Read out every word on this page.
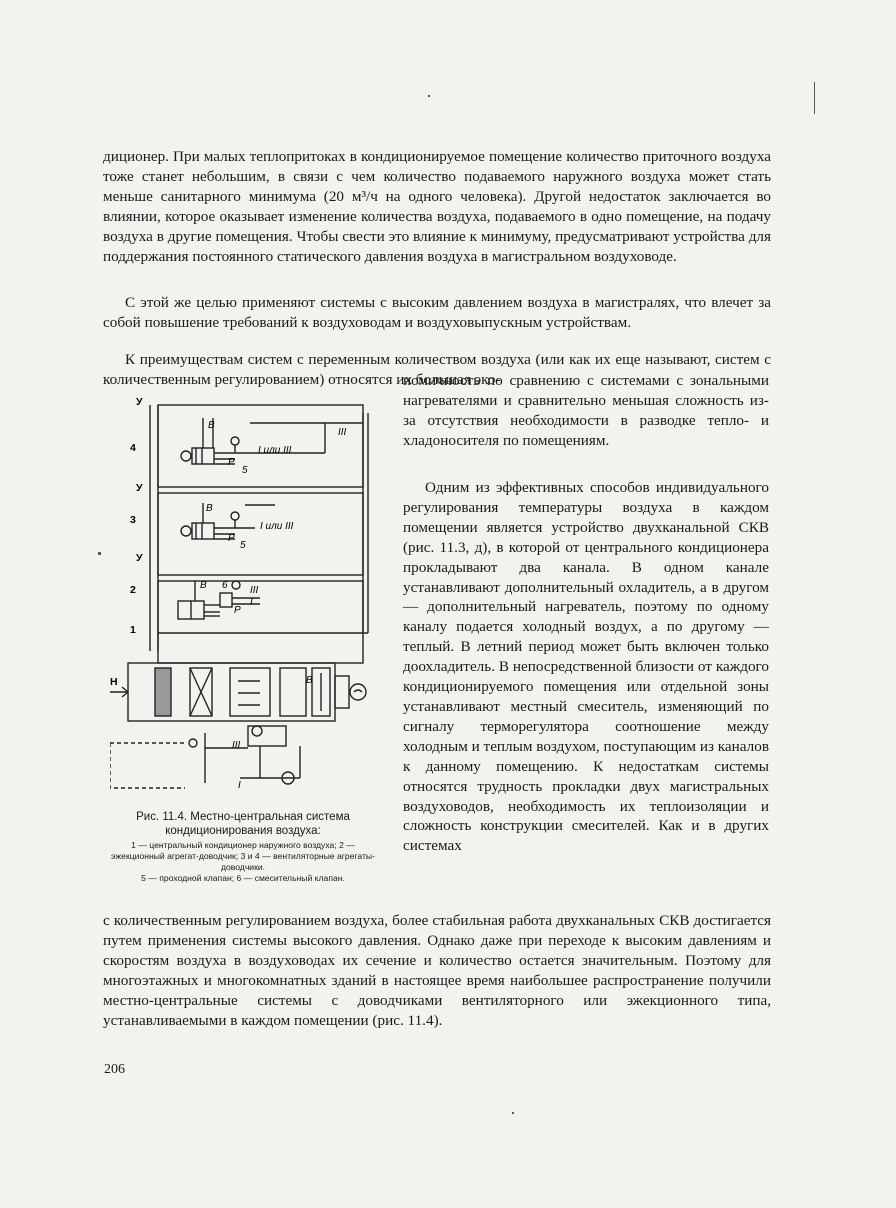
диционер. При малых теплопритоках в кондиционируемое помещение количество приточного воздуха тоже станет небольшим, в связи с чем количество подаваемого наружного воздуха может стать меньше санитарного минимума (20 м³/ч на одного человека). Другой недостаток заключается во влиянии, которое оказывает изменение количества воздуха, подаваемого в одно помещение, на подачу воздуха в другие помещения. Чтобы свести это влияние к минимуму, предусматривают устройства для поддержания постоянного статического давления воздуха в магистральном воздуховоде.

С этой же целью применяют системы с высоким давлением воздуха в магистралях, что влечет за собой повышение требований к воздуховодам и воздуховыпускным устройствам.

К преимуществам систем с переменным количеством воздуха (или как их еще называют, систем с количественным регулированием) относятся их большая эко-

номичность по сравнению с системами с зональными нагревателями и сравнительно меньшая сложность из-за отсутствия необходимости в разводке тепло- и хладоносителя по помещениям.

Одним из эффективных способов индивидуального регулирования температуры воздуха в каждом помещении является устройство двухканальной СКВ (рис. 11.3, д), в которой от центрального кондиционера прокладывают два канала. В одном канале устанавливают дополнительный охладитель, а в другом — дополнительный нагреватель, поэтому по одному каналу подается холодный воздух, а по другому — теплый. В летний период может быть включен только доохладитель. В непосредственной близости от каждого кондиционируемого помещения или отдельной зоны устанавливают местный смеситель, изменяющий по сигналу терморегулятора соотношение между холодным и теплым воздухом, поступающим из каналов к данному помещению. К недостаткам системы относятся трудность прокладки двух магистральных воздуховодов, необходимость их теплоизоляции и сложность конструкции смесителей. Как и в других системах

с количественным регулированием воздуха, более стабильная работа двухканальных СКВ достигается путем применения системы высокого давления. Однако даже при переходе к высоким давлениям и скоростям воздуха в воздуховодах их сечение и количество остается значительным. Поэтому для многоэтажных и многокомнатных зданий в настоящее время наибольшее распространение получили местно-центральные системы с доводчиками вентиляторного или эжекционного типа, устанавливаемыми в каждом помещении (рис. 11.4).

У
У
У
4
3
2
1
В
В
В
I или III
I или III
Р
Р
Р
5
5
6 III
I
III
III
I
Н	В
Рис. 11.4. Местно-центральная система кондиционирования воздуха:
1 — центральный кондиционер наружного воздуха; 2 — эжекционный агрегат-доводчик; 3 и 4 — вентиляторные агрегаты-доводчики.
5 — проходной клапан; 6 — смесительный клапан.
206
